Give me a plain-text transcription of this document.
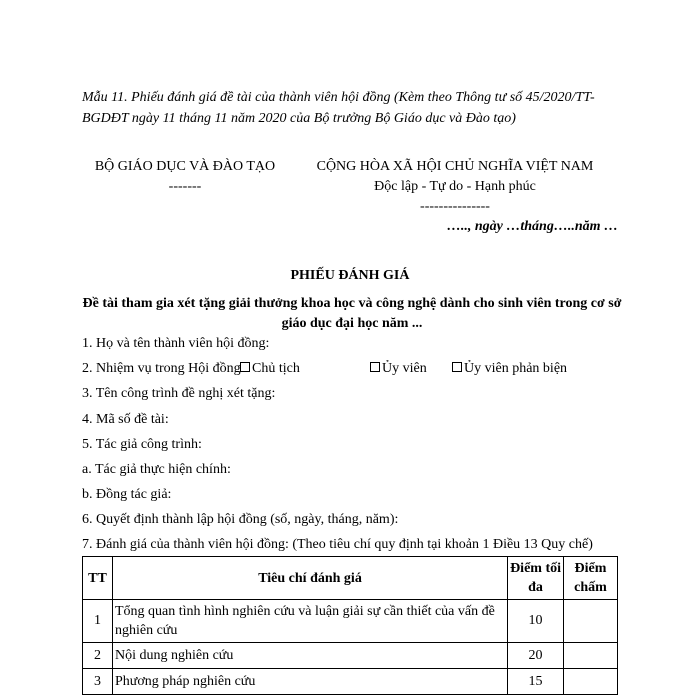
Mẫu 11. Phiếu đánh giá đề tài của thành viên hội đồng (Kèm theo Thông tư số 45/2020/TT-BGDĐT ngày 11 tháng 11 năm 2020 của Bộ trưởng Bộ Giáo dục và Đào tạo)
BỘ GIÁO DỤC VÀ ĐÀO TẠO
-------
CỘNG HÒA XÃ HỘI CHỦ NGHĨA VIỆT NAM
Độc lập - Tự do - Hạnh phúc
---------------
….., ngày …tháng…..năm …
PHIẾU ĐÁNH GIÁ
Đề tài tham gia xét tặng giải thưởng khoa học và công nghệ dành cho sinh viên trong cơ sở giáo dục đại học năm ...
1. Họ và tên thành viên hội đồng:
2. Nhiệm vụ trong Hội đồng Chủ tịch	Ủy viên	Ủy viên phản biện
3. Tên công trình đề nghị xét tặng:
4. Mã số đề tài:
5. Tác giả công trình:
a. Tác giả thực hiện chính:
b. Đồng tác giả:
6. Quyết định thành lập hội đồng (số, ngày, tháng, năm):
7. Đánh giá của thành viên hội đồng: (Theo tiêu chí quy định tại khoản 1 Điều 13 Quy chế)
TT	Tiêu chí đánh giá	Điểm tối đa	Điểm chấm
1	Tổng quan tình hình nghiên cứu và luận giải sự cần thiết của vấn đề nghiên cứu	10	
2	Nội dung nghiên cứu	20	
3	Phương pháp nghiên cứu	15	
